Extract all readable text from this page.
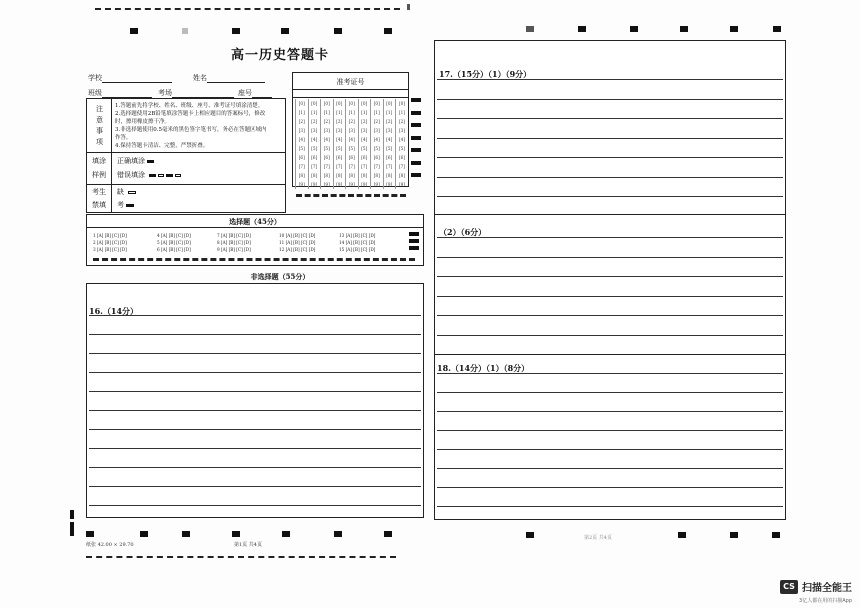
高一历史答题卡
学校	姓名
班级	考场	座号
注
意
事
项
1.答题前先将学校、姓名、班级、座号、准考证号填涂清楚。
2.选择题使用2B铅笔填涂答题卡上相应题目的答案标号，修改
时，擦用橡皮擦干净。
3.非选择题使用0.5毫米的黑色签字笔书写，务必在答题区域内
作答。
4.保持答题卡清洁、完整，严禁折叠。
填涂
样例
正确填涂
错误填涂
考生
禁填
缺
考
准考证号
[0]	[0]	[0]	[0]	[0]	[0]	[0]	[0]	[0]
[1]	[1]	[1]	[1]	[1]	[1]	[1]	[1]	[1]
[2]	[2]	[2]	[2]	[2]	[2]	[2]	[2]	[2]
[3]	[3]	[3]	[3]	[3]	[3]	[3]	[3]	[3]
[4]	[4]	[4]	[4]	[4]	[4]	[4]	[4]	[4]
[5]	[5]	[5]	[5]	[5]	[5]	[5]	[5]	[5]
[6]	[6]	[6]	[6]	[6]	[6]	[6]	[6]	[6]
[7]	[7]	[7]	[7]	[7]	[7]	[7]	[7]	[7]
[8]	[8]	[8]	[8]	[8]	[8]	[8]	[8]	[8]
[9]	[9]	[9]	[9]	[9]	[9]	[9]	[9]	[9]
选择题（45分）
1 [A] [B] [C] [D]	4 [A] [B] [C] [D]	7 [A] [B] [C] [D]	10 [A] [B] [C] [D]	13 [A] [B] [C] [D]
2 [A] [B] [C] [D]	5 [A] [B] [C] [D]	8 [A] [B] [C] [D]	11 [A] [B] [C] [D]	14 [A] [B] [C] [D]
3 [A] [B] [C] [D]	6 [A] [B] [C] [D]	9 [A] [B] [C] [D]	12 [A] [B] [C] [D]	15 [A] [B] [C] [D]
非选择题（55分）
16.（14分）
纸张 42.00 × 29.70	第1页 共4页
17.（15分）（1）（9分）
（2）（6分）
18.（14分）（1）（8分）
第2页 共4页
CS 扫描全能王
3亿人都在用的扫描App
